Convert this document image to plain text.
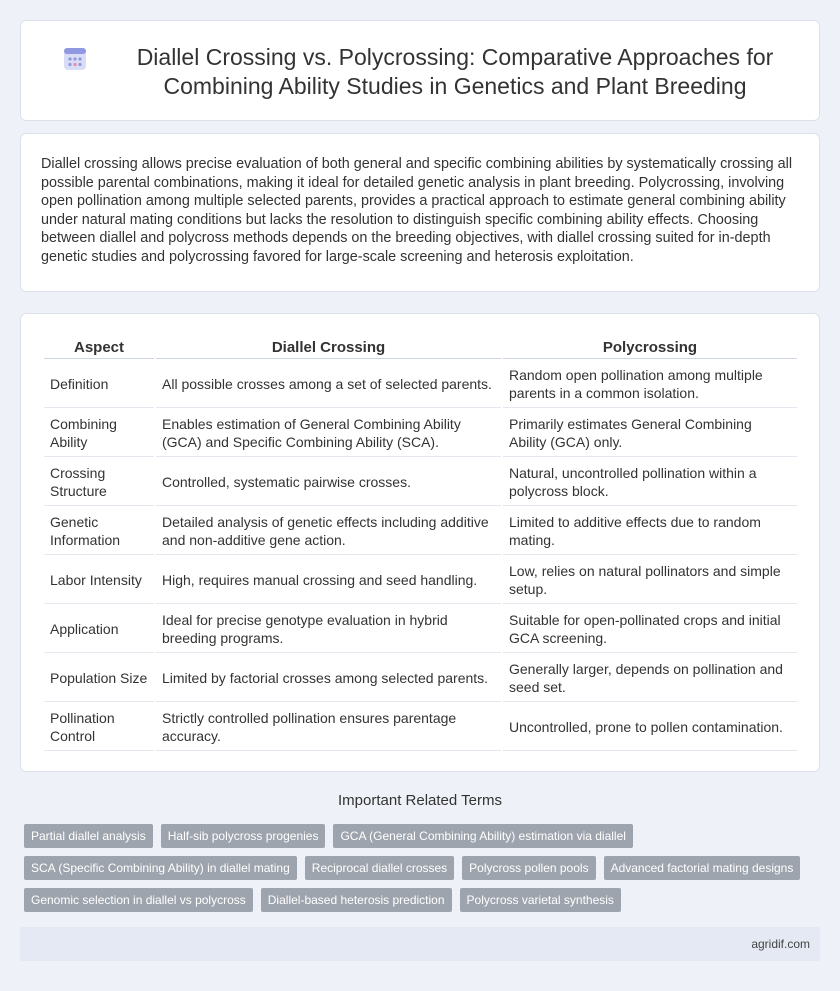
Diallel Crossing vs. Polycrossing: Comparative Approaches for Combining Ability Studies in Genetics and Plant Breeding

Diallel crossing allows precise evaluation of both general and specific combining abilities by systematically crossing all possible parental combinations, making it ideal for detailed genetic analysis in plant breeding. Polycrossing, involving open pollination among multiple selected parents, provides a practical approach to estimate general combining ability under natural mating conditions but lacks the resolution to distinguish specific combining ability effects. Choosing between diallel and polycross methods depends on the breeding objectives, with diallel crossing suited for in-depth genetic studies and polycrossing favored for large-scale screening and heterosis exploitation.

Aspect	Diallel Crossing	Polycrossing
Definition	All possible crosses among a set of selected parents.	Random open pollination among multiple parents in a common isolation.
Combining Ability	Enables estimation of General Combining Ability (GCA) and Specific Combining Ability (SCA).	Primarily estimates General Combining Ability (GCA) only.
Crossing Structure	Controlled, systematic pairwise crosses.	Natural, uncontrolled pollination within a polycross block.
Genetic Information	Detailed analysis of genetic effects including additive and non-additive gene action.	Limited to additive effects due to random mating.
Labor Intensity	High, requires manual crossing and seed handling.	Low, relies on natural pollinators and simple setup.
Application	Ideal for precise genotype evaluation in hybrid breeding programs.	Suitable for open-pollinated crops and initial GCA screening.
Population Size	Limited by factorial crosses among selected parents.	Generally larger, depends on pollination and seed set.
Pollination Control	Strictly controlled pollination ensures parentage accuracy.	Uncontrolled, prone to pollen contamination.
Important Related Terms
Partial diallel analysis	Half-sib polycross progenies	GCA (General Combining Ability) estimation via diallel
SCA (Specific Combining Ability) in diallel mating	Reciprocal diallel crosses	Polycross pollen pools	Advanced factorial mating designs
Genomic selection in diallel vs polycross	Diallel-based heterosis prediction	Polycross varietal synthesis
agridif.com
